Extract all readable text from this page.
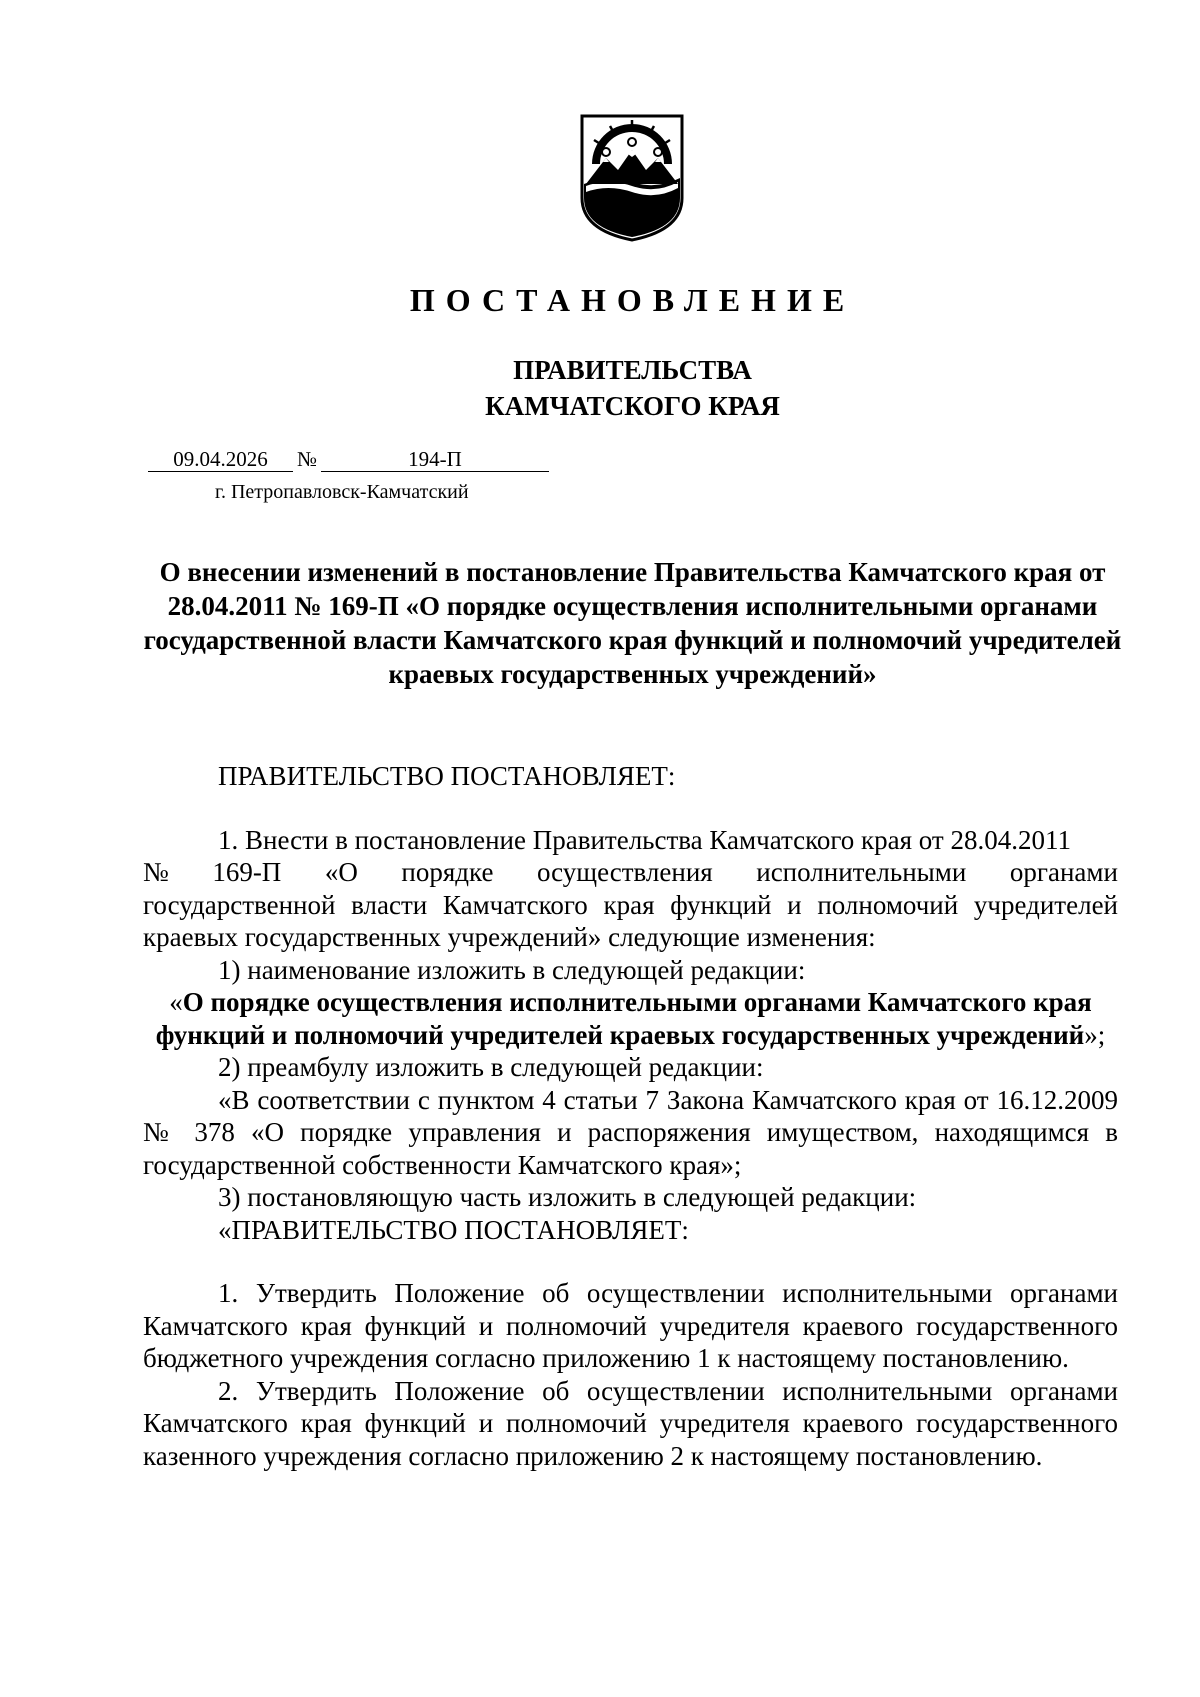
ПОСТАНОВЛЕНИЕ
ПРАВИТЕЛЬСТВА
КАМЧАТСКОГО КРАЯ
09.04.2026 №	194-П
г. Петропавловск-Камчатский
О внесении изменений в постановление Правительства Камчатского края от 28.04.2011 № 169-П «О порядке осуществления исполнительными органами государственной власти Камчатского края функций и полномочий учредителей краевых государственных учреждений»

ПРАВИТЕЛЬСТВО ПОСТАНОВЛЯЕТ:

1. Внести в постановление Правительства Камчатского края от 28.04.2011

№ 169-П «О порядке осуществления исполнительными органами

государственной власти Камчатского края функций и полномочий учредителей краевых государственных учреждений» следующие изменения:

1) наименование изложить в следующей редакции:

«О порядке осуществления исполнительными органами Камчатского края функций и полномочий учредителей краевых государственных учреждений»;

2) преамбулу изложить в следующей редакции:

«В соответствии с пунктом 4 статьи 7 Закона Камчатского края от 16.12.2009 № 378 «О порядке управления и распоряжения имуществом, находящимся в государственной собственности Камчатского края»;

3) постановляющую часть изложить в следующей редакции:

«ПРАВИТЕЛЬСТВО ПОСТАНОВЛЯЕТ:

1. Утвердить Положение об осуществлении исполнительными органами Камчатского края функций и полномочий учредителя краевого государственного бюджетного учреждения согласно приложению 1 к настоящему постановлению.

2. Утвердить Положение об осуществлении исполнительными органами Камчатского края функций и полномочий учредителя краевого государственного казенного учреждения согласно приложению 2 к настоящему постановлению.
